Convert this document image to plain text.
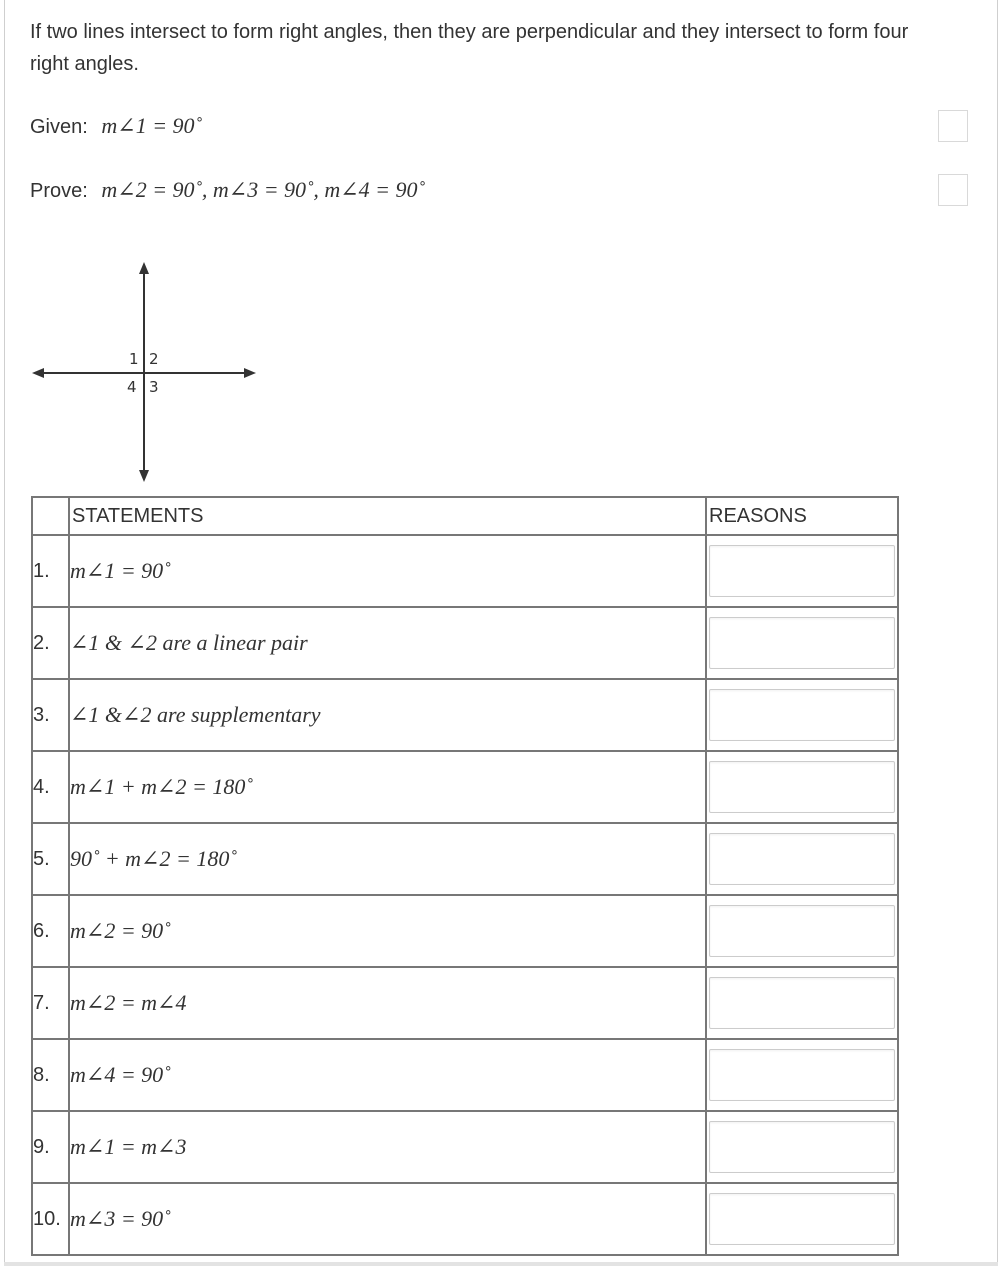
If two lines intersect to form right angles, then they are perpendicular and they intersect to form four right angles.
Given: m∠1 = 90˚
Prove: m∠2 = 90˚, m∠3 = 90˚, m∠4 = 90˚
1 2
4 3
	STATEMENTS	REASONS
1.	m∠1 = 90˚	

2.	∠1 & ∠2 are a linear pair	

3.	∠1 &∠2 are supplementary	

4.	m∠1 + m∠2 = 180˚	

5.	90˚ + m∠2 = 180˚	

6.	m∠2 = 90˚	

7.	m∠2 = m∠4	

8.	m∠4 = 90˚	

9.	m∠1 = m∠3	

10.	m∠3 = 90˚	
